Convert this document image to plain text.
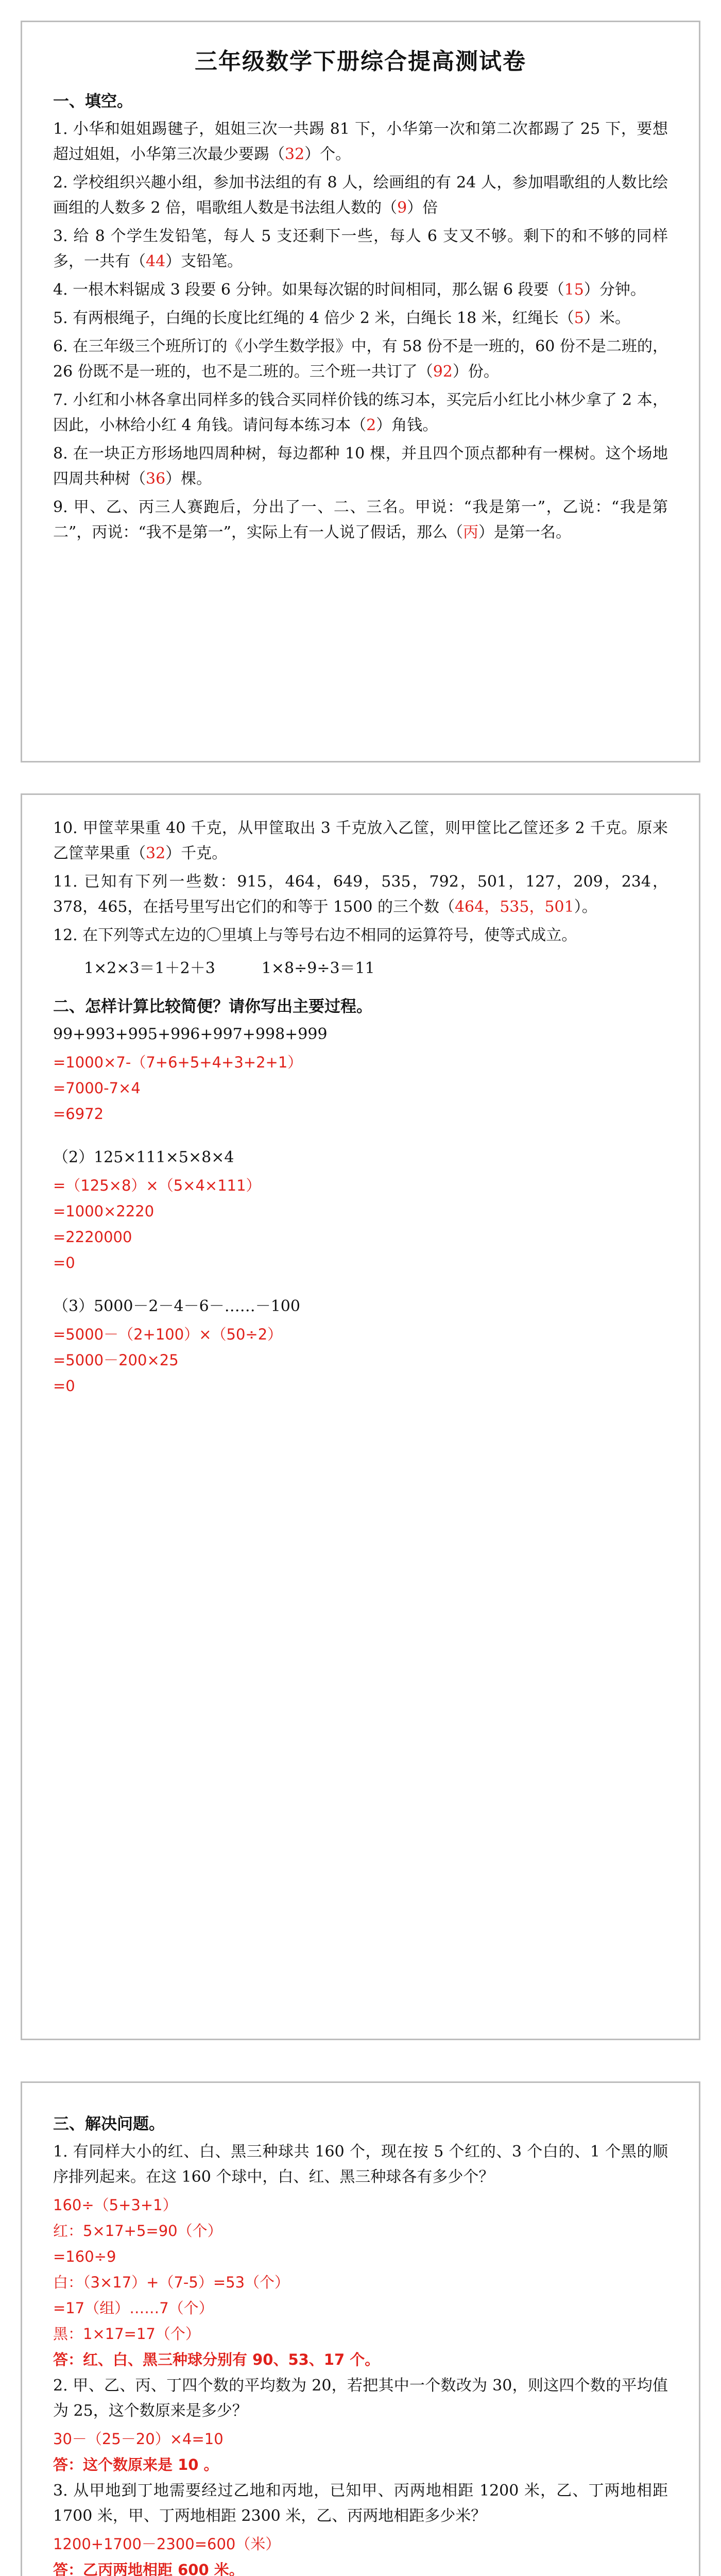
三年级数学下册综合提高测试卷
一、填空。
1. 小华和姐姐踢毽子，姐姐三次一共踢 81 下，小华第一次和第二次都踢了 25 下，要想超过姐姐，小华第三次最少要踢（32）个。
2. 学校组织兴趣小组，参加书法组的有 8 人，绘画组的有 24 人，参加唱歌组的人数比绘画组的人数多 2 倍，唱歌组人数是书法组人数的（9）倍
3. 给 8 个学生发铅笔，每人 5 支还剩下一些，每人 6 支又不够。剩下的和不够的同样多，一共有（44）支铅笔。
4. 一根木料锯成 3 段要 6 分钟。如果每次锯的时间相同，那么锯 6 段要（15）分钟。
5. 有两根绳子，白绳的长度比红绳的 4 倍少 2 米，白绳长 18 米，红绳长（5）米。
6. 在三年级三个班所订的《小学生数学报》中，有 58 份不是一班的，60 份不是二班的，26 份既不是一班的，也不是二班的。三个班一共订了（92）份。
7. 小红和小林各拿出同样多的钱合买同样价钱的练习本，买完后小红比小林少拿了 2 本，因此，小林给小红 4 角钱。请问每本练习本（2）角钱。
8. 在一块正方形场地四周种树，每边都种 10 棵，并且四个顶点都种有一棵树。这个场地四周共种树（36）棵。
9. 甲、乙、丙三人赛跑后，分出了一、二、三名。甲说：“我是第一”，乙说：“我是第二”，丙说：“我不是第一”，实际上有一人说了假话，那么（丙）是第一名。
10. 甲筐苹果重 40 千克，从甲筐取出 3 千克放入乙筐，则甲筐比乙筐还多 2 千克。原来乙筐苹果重（32）千克。
11. 已知有下列一些数：915，464，649，535，792，501，127，209，234，378，465，在括号里写出它们的和等于 1500 的三个数（464，535，501）。
12. 在下列等式左边的〇里填上与等号右边不相同的运算符号，使等式成立。
1×2×3＝1＋2＋3　　　1×8÷9÷3＝11
二、怎样计算比较简便？请你写出主要过程。
99+993+995+996+997+998+999
=1000×7-（7+6+5+4+3+2+1）
=7000-7×4
=6972
（2）125×111×5×8×4
=（125×8）×（5×4×111）
=1000×2220
=2220000
=0
（3）5000－2－4－6－……－100
=5000－（2+100）×（50÷2）
=5000－200×25
=0
三、解决问题。
1. 有同样大小的红、白、黑三种球共 160 个，现在按 5 个红的、3 个白的、1 个黑的顺序排列起来。在这 160 个球中，白、红、黑三种球各有多少个？
160÷（5+3+1）
红：5×17+5=90（个）
=160÷9
白：（3×17）+（7-5）=53（个）
=17（组）……7（个）
黑：1×17=17（个）
答：红、白、黑三种球分别有 90、53、17 个。
2. 甲、乙、丙、丁四个数的平均数为 20，若把其中一个数改为 30，则这四个数的平均值为 25，这个数原来是多少？
30－（25－20）×4=10
答：这个数原来是 10 。
3. 从甲地到丁地需要经过乙地和丙地，已知甲、丙两地相距 1200 米，乙、丁两地相距 1700 米，甲、丁两地相距 2300 米，乙、丙两地相距多少米？
1200+1700－2300=600（米）
答：乙丙两地相距 600 米。
